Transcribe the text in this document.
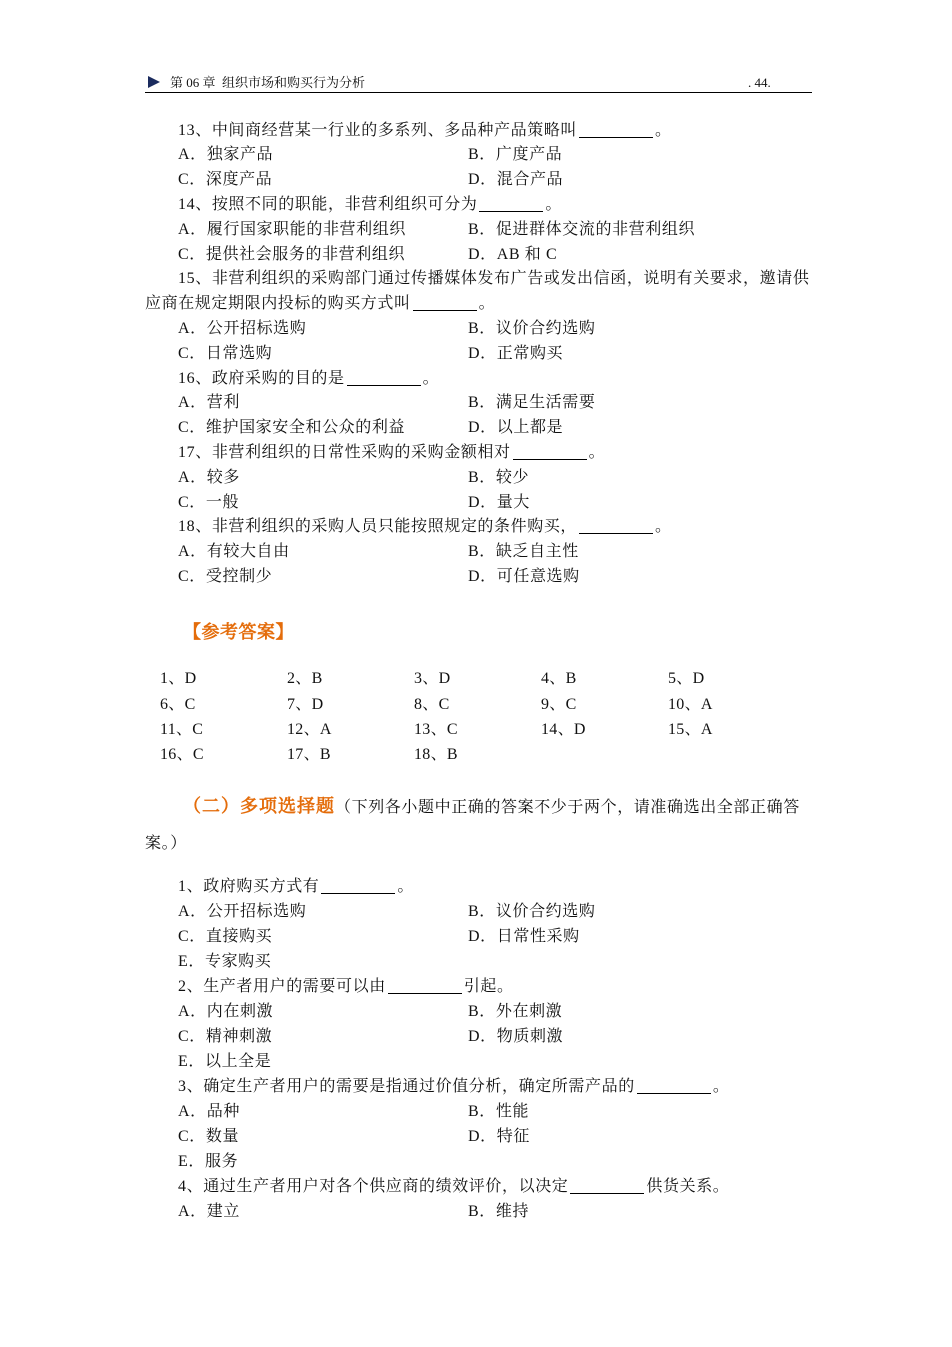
第 06 章  组织市场和购买行为分析	. 44.
13、中间商经营某一行业的多系列、多品种产品策略叫	。
A．独家产品	B．广度产品
C．深度产品	D．混合产品
14、按照不同的职能，非营利组织可分为	。
A．履行国家职能的非营利组织	B．促进群体交流的非营利组织
C．提供社会服务的非营利组织	D．AB 和 C
15、非营利组织的采购部门通过传播媒体发布广告或发出信函，说明有关要求，邀请供
应商在规定期限内投标的购买方式叫	。
A．公开招标选购	B．议价合约选购
C．日常选购	D．正常购买
16、政府采购的目的是	。
A．营利	B．满足生活需要
C．维护国家安全和公众的利益	D．以上都是
17、非营利组织的日常性采购的采购金额相对	。
A．较多	B．较少
C．一般	D．量大
18、非营利组织的采购人员只能按照规定的条件购买，	。
A．有较大自由	B．缺乏自主性
C．受控制少	D．可任意选购
【参考答案】
1、D	2、B	3、D	4、B	5、D
6、C	7、D	8、C	9、C	10、A
11、C	12、A	13、C	14、D	15、A
16、C	17、B	18、B
（二）多项选择题（下列各小题中正确的答案不少于两个，请准确选出全部正确答
案。）
1、政府购买方式有	。
A．公开招标选购	B．议价合约选购
C．直接购买	D．日常性采购
E．专家购买
2、生产者用户的需要可以由	引起。
A．内在刺激	B．外在刺激
C．精神刺激	D．物质刺激
E．以上全是
3、确定生产者用户的需要是指通过价值分析，确定所需产品的	。
A．品种	B．性能
C．数量	D．特征
E．服务
4、通过生产者用户对各个供应商的绩效评价，以决定	供货关系。
A．建立	B．维持
